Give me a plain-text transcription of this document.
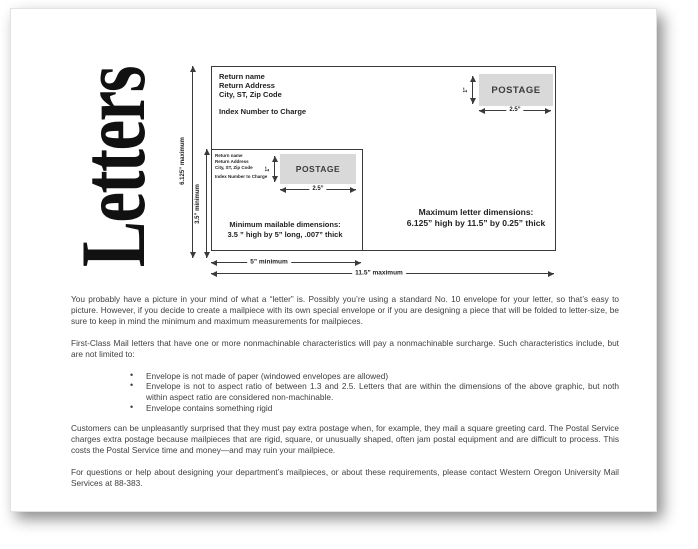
Letters	6.125” maximum
3.5” minimum
Return name
Return Address
City, ST, Zip Code
Index Number to Charge
POSTAGE
1”
2.5”
Maximum letter dimensions:
6.125” high by 11.5” by 0.25” thick
Return name
Return Address
City, ST, Zip Code
Index Number to Charge
POSTAGE
1”
2.5”
Minimum mailable dimensions:
3.5 ” high by 5” long, .007” thick
5” minimum
11.5” maximum

You probably have a picture in your mind of what a “letter” is. Possibly you’re using a standard No. 10 envelope for your letter, so that’s easy to picture. However, if you decide to create a mailpiece with its own special envelope or if you are designing a piece that will be folded to letter-size, be sure to keep in mind the minimum and maximum measurements for mailpieces.

First-Class Mail letters that have one or more nonmachinable characteristics will pay a nonmachinable surcharge. Such characteristics include, but are not limited to:

• Envelope is not made of paper (windowed envelopes are allowed)
• Envelope is not to aspect ratio of between 1.3 and 2.5. Letters that are within the dimensions of the above graphic, but noth within aspect ratio are considered non-machinable.
• Envelope contains something rigid

Customers can be unpleasantly surprised that they must pay extra postage when, for example, they mail a square greeting card. The Postal Service charges extra postage because mailpieces that are rigid, square, or unusually shaped, often jam postal equipment and are difficult to process. This costs the Postal Service time and money—and may ruin your mailpiece.

For questions or help about designing your department’s mailpieces, or about these requirements, please contact Western Oregon University Mail Services at 88-383.
